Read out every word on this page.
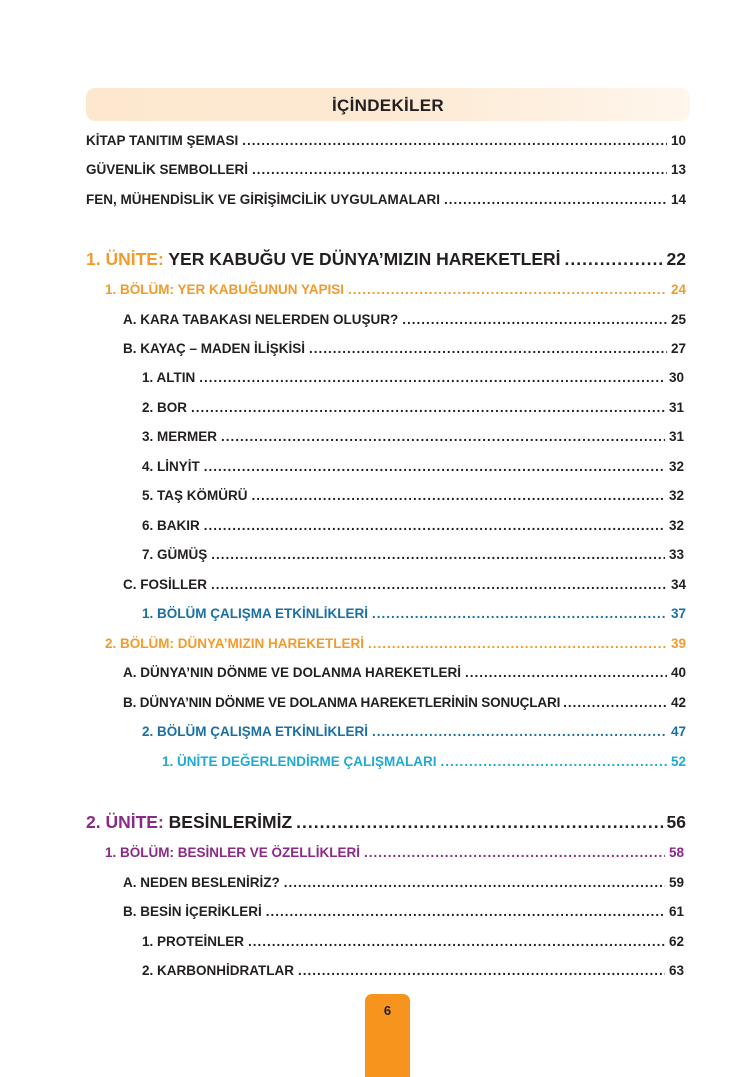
İÇİNDEKİLER
KİTAP TANITIM ŞEMASI .....	10
GÜVENLİK SEMBOLLERİ .....	13
FEN, MÜHENDİSLİK VE GİRİŞİMCİLİK UYGULAMALARI .....	14
1. ÜNİTE: YER KABUĞU VE DÜNYA’MIZIN HAREKETLERİ .....	22
1. BÖLÜM: YER KABUĞUNUN YAPISI .....	24
A. KARA TABAKASI NELERDEN OLUŞUR? .....	25
B. KAYAÇ – MADEN İLİŞKİSİ .....	27
1. ALTIN .....	30
2. BOR .....	31
3. MERMER .....	31
4. LİNYİT .....	32
5. TAŞ KÖMÜRÜ .....	32
6. BAKIR .....	32
7. GÜMÜŞ .....	33
C. FOSİLLER .....	34
1. BÖLÜM ÇALIŞMA ETKİNLİKLERİ .....	37
2. BÖLÜM: DÜNYA’MIZIN HAREKETLERİ .....	39
A. DÜNYA’NIN DÖNME VE DOLANMA HAREKETLERİ .....	40
B. DÜNYA’NIN DÖNME VE DOLANMA HAREKETLERİNİN SONUÇLARI .....	42
2. BÖLÜM ÇALIŞMA ETKİNLİKLERİ .....	47
1. ÜNİTE DEĞERLENDİRME ÇALIŞMALARI .....	52
2. ÜNİTE: BESİNLERİMİZ .....	56
1. BÖLÜM: BESİNLER VE ÖZELLİKLERİ .....	58
A. NEDEN BESLENİRİZ? .....	59
B. BESİN İÇERİKLERİ .....	61
1. PROTEİNLER .....	62
2. KARBONHİDRATLAR .....	63
6
